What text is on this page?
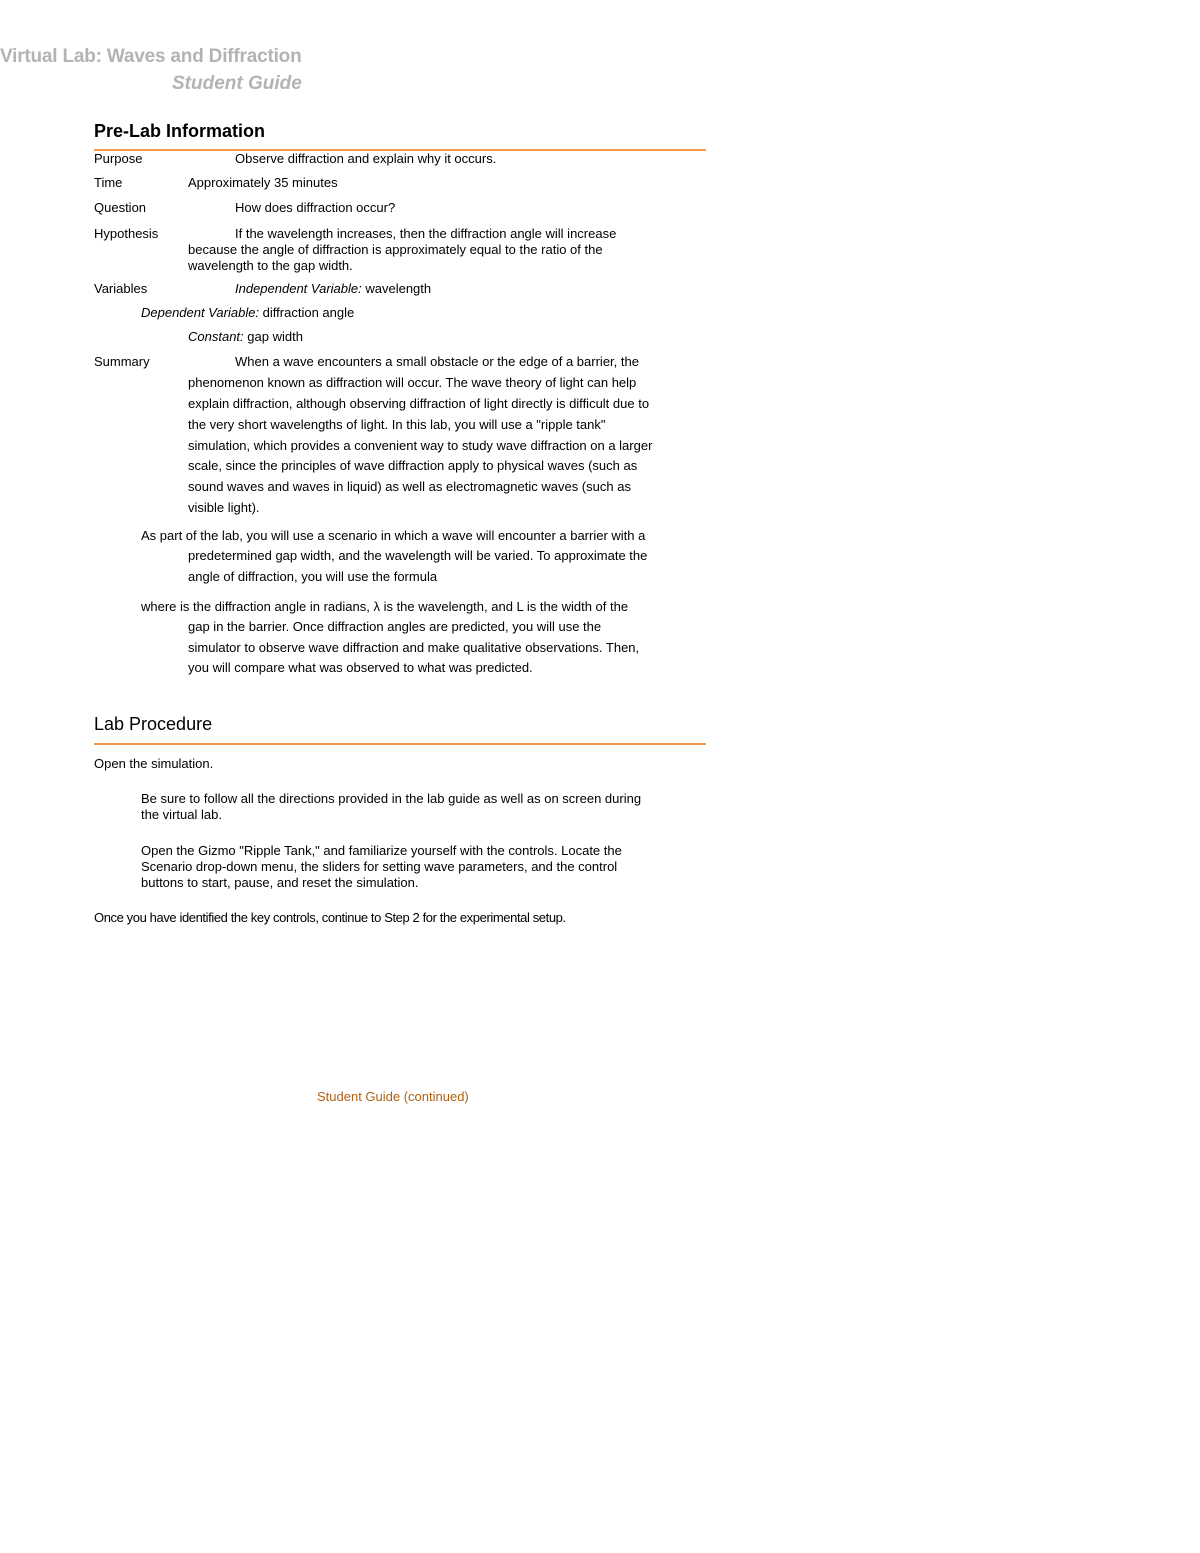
Virtual Lab: Waves and Diffraction
Student Guide
Pre-Lab Information
Purpose	Observe diffraction and explain why it occurs.
Time	Approximately 35 minutes
Question	How does diffraction occur?
Hypothesis	If the wavelength increases, then the diffraction angle will increase
because the angle of diffraction is approximately equal to the ratio of the
wavelength to the gap width.
Variables	Independent Variable: wavelength
Dependent Variable: diffraction angle
Constant: gap width
Summary	When a wave encounters a small obstacle or the edge of a barrier, the
phenomenon known as diffraction will occur. The wave theory of light can help
explain diffraction, although observing diffraction of light directly is difficult due to
the very short wavelengths of light. In this lab, you will use a "ripple tank"
simulation, which provides a convenient way to study wave diffraction on a larger
scale, since the principles of wave diffraction apply to physical waves (such as
sound waves and waves in liquid) as well as electromagnetic waves (such as
visible light).
As part of the lab, you will use a scenario in which a wave will encounter a barrier with a
predetermined gap width, and the wavelength will be varied. To approximate the
angle of diffraction, you will use the formula
where is the diffraction angle in radians, λ is the wavelength, and L is the width of the
gap in the barrier. Once diffraction angles are predicted, you will use the
simulator to observe wave diffraction and make qualitative observations. Then,
you will compare what was observed to what was predicted.
Lab Procedure
Open the simulation.
Be sure to follow all the directions provided in the lab guide as well as on screen during
the virtual lab.
Open the Gizmo "Ripple Tank," and familiarize yourself with the controls. Locate the
Scenario drop-down menu, the sliders for setting wave parameters, and the control
buttons to start, pause, and reset the simulation.
Once you have identified the key controls, continue to Step 2 for the experimental setup.
Student Guide (continued)
